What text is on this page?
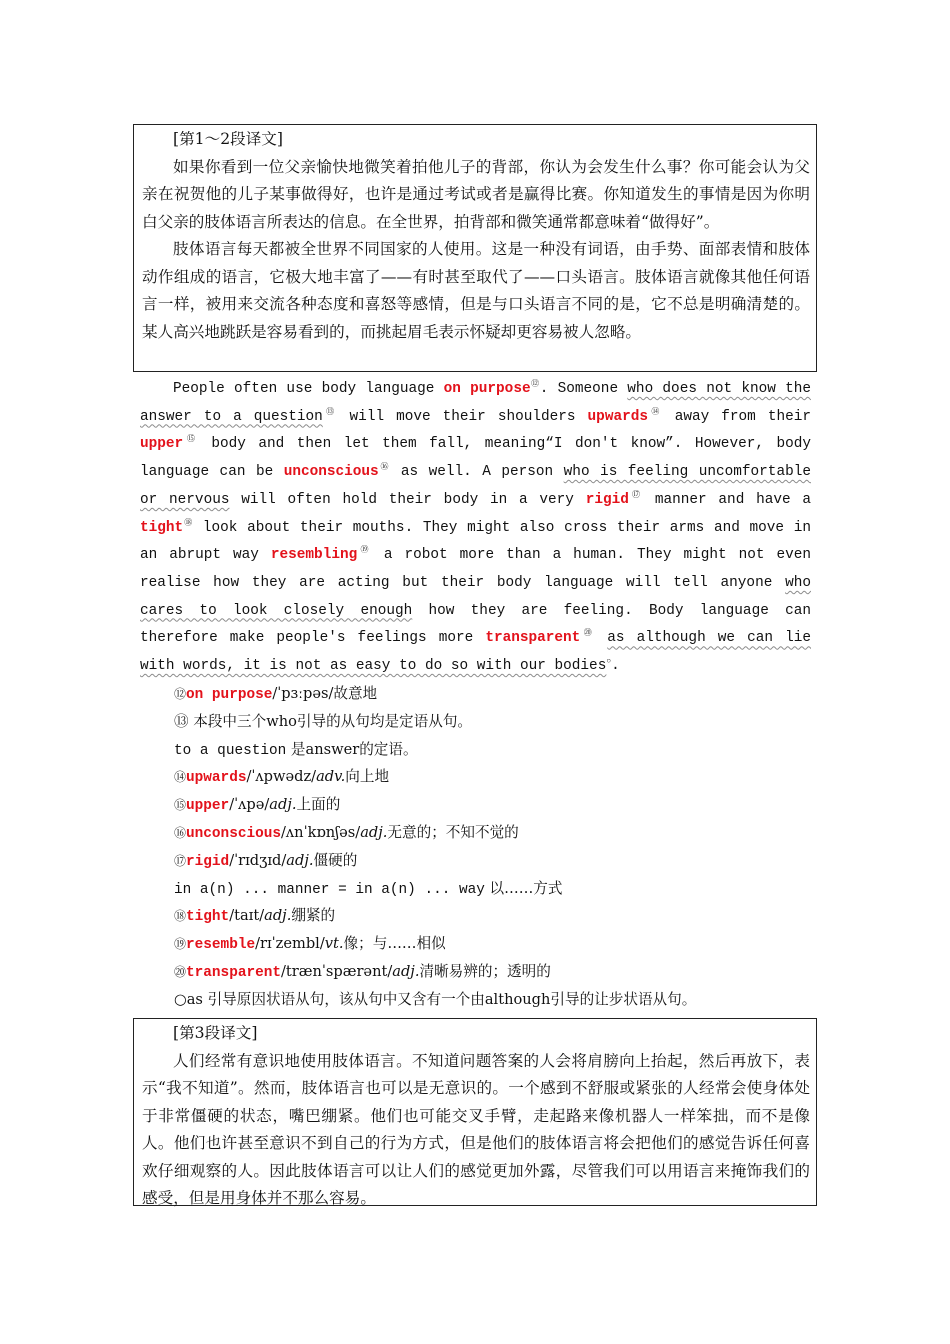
[第1～2段译文]

如果你看到一位父亲愉快地微笑着拍他儿子的背部，你认为会发生什么事？你可能会认为父亲在祝贺他的儿子某事做得好，也许是通过考试或者是赢得比赛。你知道发生的事情是因为你明白父亲的肢体语言所表达的信息。在全世界，拍背部和微笑通常都意味着“做得好”。

肢体语言每天都被全世界不同国家的人使用。这是一种没有词语，由手势、面部表情和肢体动作组成的语言，它极大地丰富了——有时甚至取代了——口头语言。肢体语言就像其他任何语言一样，被用来交流各种态度和喜怒等感情，但是与口头语言不同的是，它不总是明确清楚的。某人高兴地跳跃是容易看到的，而挑起眉毛表示怀疑却更容易被人忽略。

People often use body language on purpose⑫. Someone who does not know the answer to a question⑬ will move their shoulders upwards⑭ away from their upper⑮ body and then let them fall, meaning“I don't know”. However, body language can be unconscious⑯ as well. A person who is feeling uncomfortable or nervous will often hold their body in a very rigid⑰ manner and have a tight⑱ look about their mouths. They might also cross their arms and move in an abrupt way resembling⑲ a robot more than a human. They might not even realise how they are acting but their body language will tell anyone who cares to look closely enough how they are feeling. Body language can therefore make people's feelings more transparent⑳ as although we can lie with words, it is not as easy to do so with our bodies○.

⑫on purpose/ˈpɜːpəs/故意地
⑬ 本段中三个who引导的从句均是定语从句。
to a question 是answer的定语。
⑭upwards/ˈʌpwədz/adv.向上地
⑮upper/ˈʌpə/adj.上面的
⑯unconscious/ʌnˈkɒnʃəs/adj.无意的；不知不觉的
⑰rigid/ˈrɪdʒɪd/adj.僵硬的
in a(n) ... manner = in a(n) ... way 以……方式
⑱tight/taɪt/adj.绷紧的
⑲resemble/rɪˈzembl/vt.像；与……相似
⑳transparent/trænˈspærənt/adj.清晰易辨的；透明的
○as 引导原因状语从句，该从句中又含有一个由although引导的让步状语从句。

[第3段译文]

人们经常有意识地使用肢体语言。不知道问题答案的人会将肩膀向上抬起，然后再放下，表示“我不知道”。然而，肢体语言也可以是无意识的。一个感到不舒服或紧张的人经常会使身体处于非常僵硬的状态，嘴巴绷紧。他们也可能交叉手臂，走起路来像机器人一样笨拙，而不是像人。他们也许甚至意识不到自己的行为方式，但是他们的肢体语言将会把他们的感觉告诉任何喜欢仔细观察的人。因此肢体语言可以让人们的感觉更加外露，尽管我们可以用语言来掩饰我们的感受，但是用身体并不那么容易。
